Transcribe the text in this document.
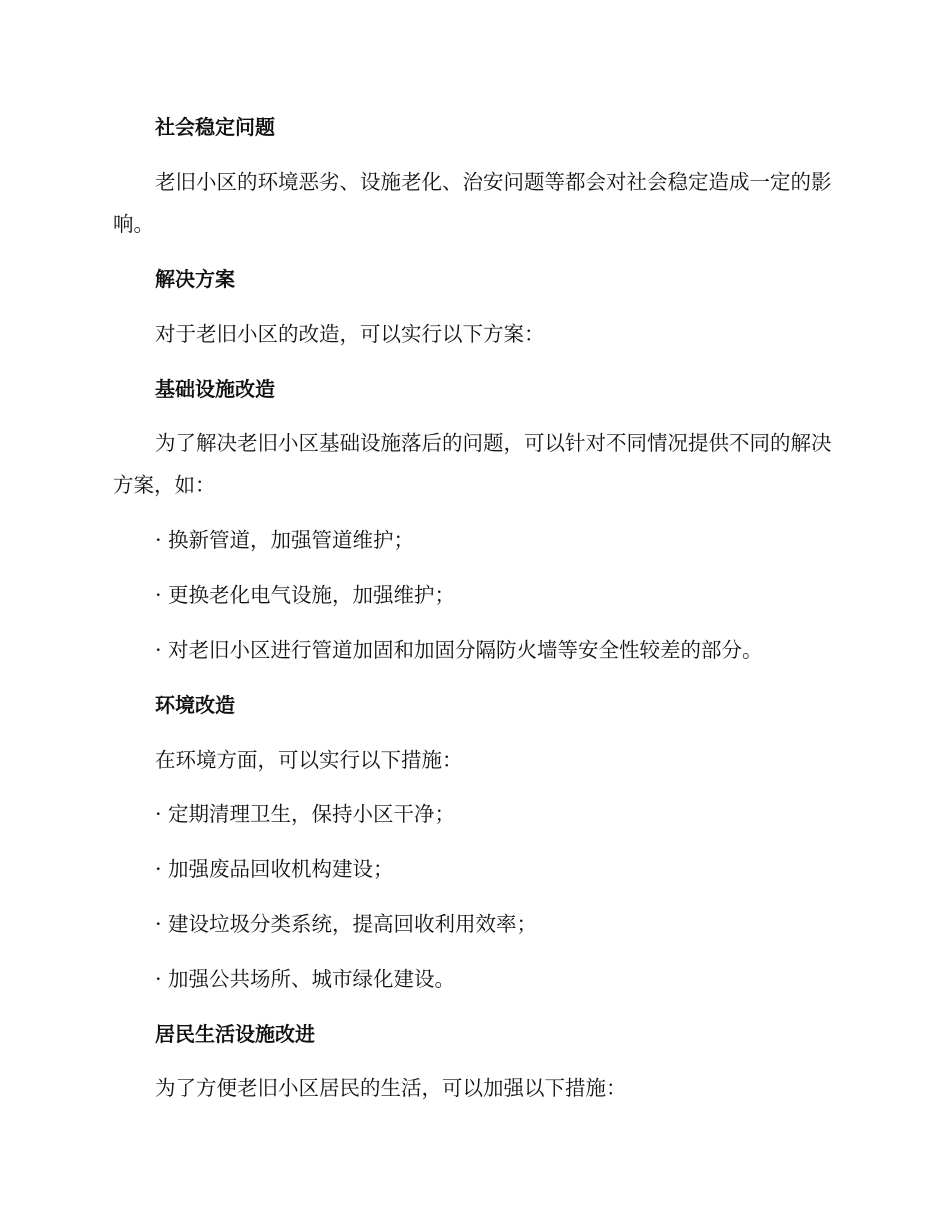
社会稳定问题
老旧小区的环境恶劣、设施老化、治安问题等都会对社会稳定造成一定的影响。
解决方案
对于老旧小区的改造，可以实行以下方案：
基础设施改造
为了解决老旧小区基础设施落后的问题，可以针对不同情况提供不同的解决方案，如：
· 换新管道，加强管道维护；
· 更换老化电气设施，加强维护；
· 对老旧小区进行管道加固和加固分隔防火墙等安全性较差的部分。
环境改造
在环境方面，可以实行以下措施：
· 定期清理卫生，保持小区干净；
· 加强废品回收机构建设；
· 建设垃圾分类系统，提高回收利用效率；
· 加强公共场所、城市绿化建设。
居民生活设施改进
为了方便老旧小区居民的生活，可以加强以下措施：
